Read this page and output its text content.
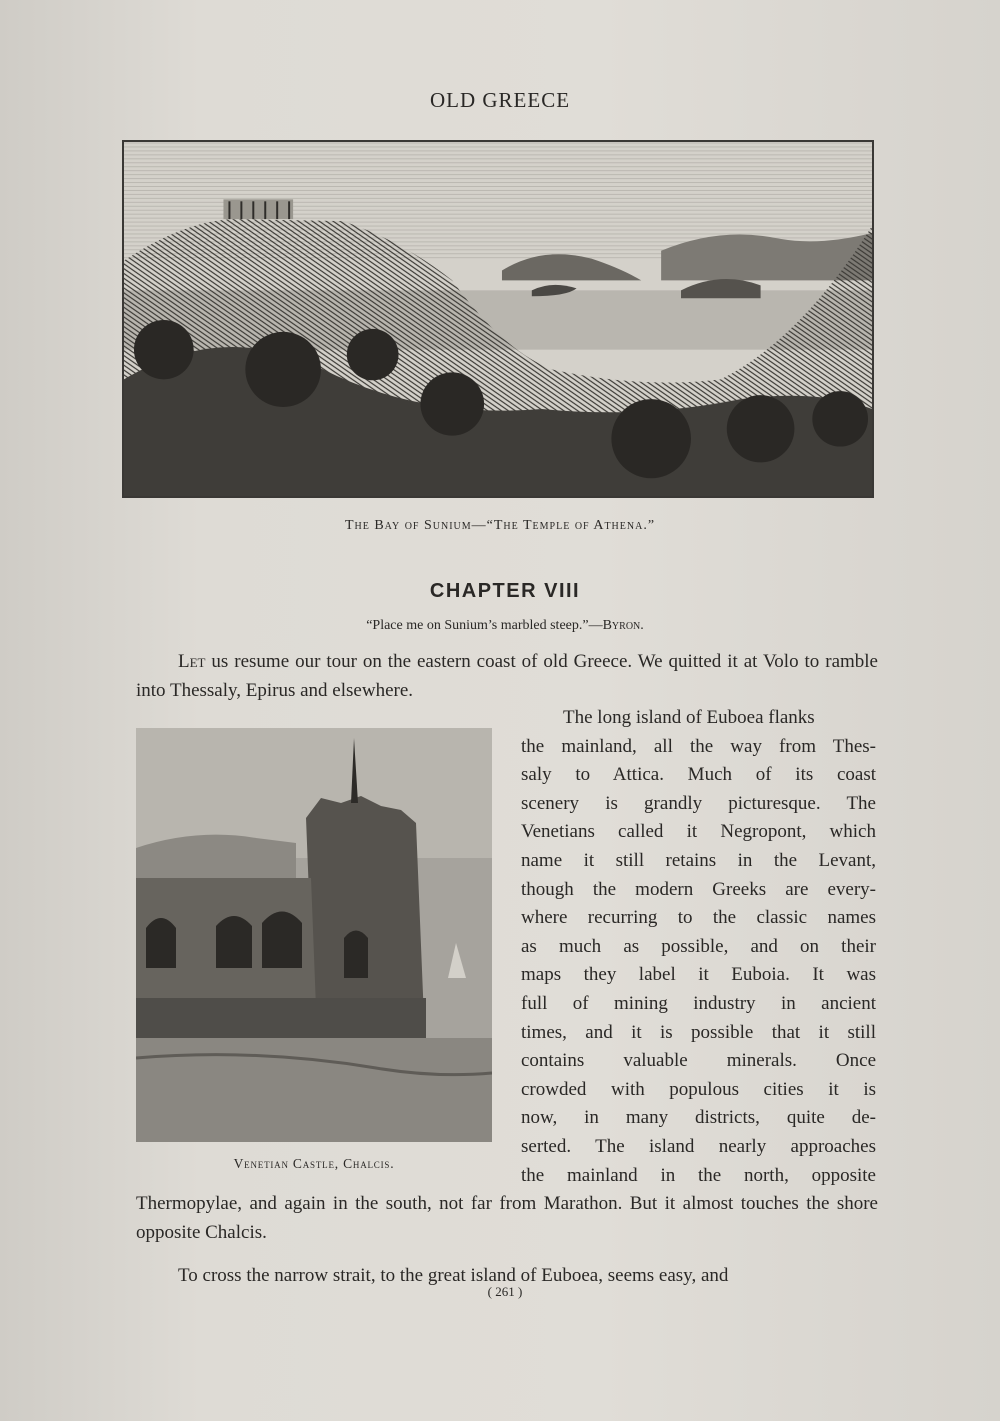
OLD GREECE
The Bay of Sunium—“The Temple of Athena.”
CHAPTER VIII
“Place me on Sunium’s marbled steep.”—Byron.
Let us resume our tour on the eastern coast of old Greece. We quitted it at Volo to ramble into Thessaly, Epirus and elsewhere.
Venetian Castle, Chalcis.
The long island of Euboea flanks
the mainland, all the way from Thes-
saly to Attica. Much of its coast
scenery is grandly picturesque. The
Venetians called it Negropont, which
name it still retains in the Levant,
though the modern Greeks are every-
where recurring to the classic names
as much as possible, and on their
maps they label it Euboia. It was
full of mining industry in ancient
times, and it is possible that it still
contains valuable minerals. Once
crowded with populous cities it is
now, in many districts, quite de-
serted. The island nearly approaches
the mainland in the north, opposite
Thermopylae, and again in the south, not far from Marathon. But it almost touches the shore opposite Chalcis.
To cross the narrow strait, to the great island of Euboea, seems easy, and
( 261 )
